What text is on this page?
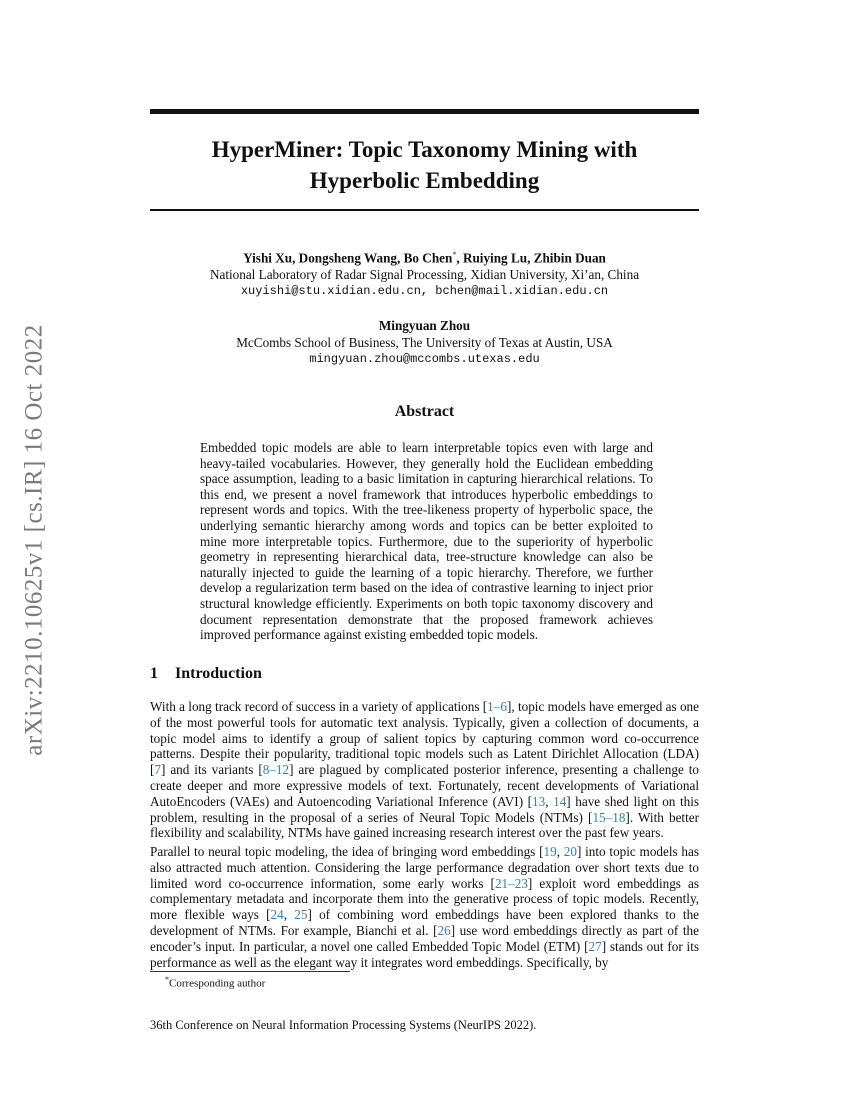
arXiv:2210.10625v1 [cs.IR] 16 Oct 2022
HyperMiner: Topic Taxonomy Mining with
Hyperbolic Embedding
Yishi Xu, Dongsheng Wang, Bo Chen*, Ruiying Lu, Zhibin Duan
National Laboratory of Radar Signal Processing, Xidian University, Xi’an, China
xuyishi@stu.xidian.edu.cn, bchen@mail.xidian.edu.cn
Mingyuan Zhou
McCombs School of Business, The University of Texas at Austin, USA
mingyuan.zhou@mccombs.utexas.edu
Abstract
Embedded topic models are able to learn interpretable topics even with large and heavy-tailed vocabularies. However, they generally hold the Euclidean embedding space assumption, leading to a basic limitation in capturing hierarchical relations. To this end, we present a novel framework that introduces hyperbolic embeddings to represent words and topics. With the tree-likeness property of hyperbolic space, the underlying semantic hierarchy among words and topics can be better exploited to mine more interpretable topics. Furthermore, due to the superiority of hyperbolic geometry in representing hierarchical data, tree-structure knowledge can also be naturally injected to guide the learning of a topic hierarchy. Therefore, we further develop a regularization term based on the idea of contrastive learning to inject prior structural knowledge efficiently. Experiments on both topic taxonomy discovery and document representation demonstrate that the proposed framework achieves improved performance against existing embedded topic models.
1 Introduction
With a long track record of success in a variety of applications [1–6], topic models have emerged as one of the most powerful tools for automatic text analysis. Typically, given a collection of documents, a topic model aims to identify a group of salient topics by capturing common word co-occurrence patterns. Despite their popularity, traditional topic models such as Latent Dirichlet Allocation (LDA) [7] and its variants [8–12] are plagued by complicated posterior inference, presenting a challenge to create deeper and more expressive models of text. Fortunately, recent developments of Variational AutoEncoders (VAEs) and Autoencoding Variational Inference (AVI) [13, 14] have shed light on this problem, resulting in the proposal of a series of Neural Topic Models (NTMs) [15–18]. With better flexibility and scalability, NTMs have gained increasing research interest over the past few years.
Parallel to neural topic modeling, the idea of bringing word embeddings [19, 20] into topic models has also attracted much attention. Considering the large performance degradation over short texts due to limited word co-occurrence information, some early works [21–23] exploit word embeddings as complementary metadata and incorporate them into the generative process of topic models. Recently, more flexible ways [24, 25] of combining word embeddings have been explored thanks to the development of NTMs. For example, Bianchi et al. [26] use word embeddings directly as part of the encoder’s input. In particular, a novel one called Embedded Topic Model (ETM) [27] stands out for its performance as well as the elegant way it integrates word embeddings. Specifically, by
*Corresponding author
36th Conference on Neural Information Processing Systems (NeurIPS 2022).
